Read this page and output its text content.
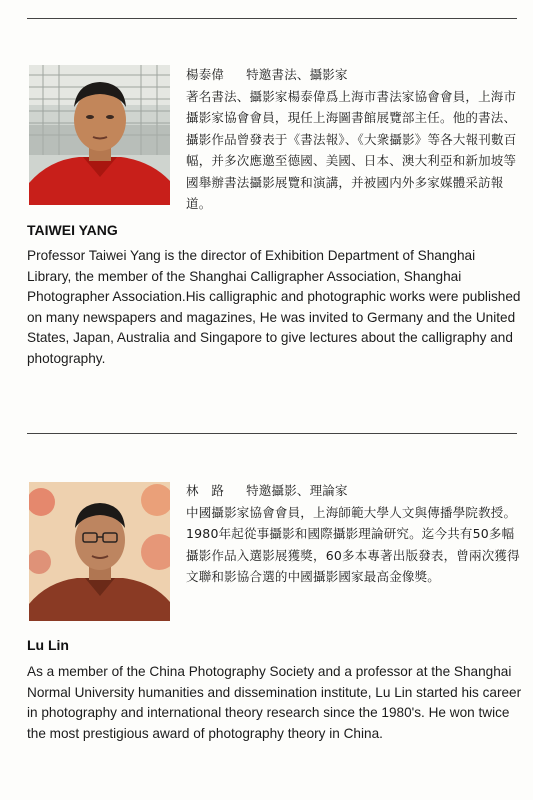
楊泰偉 特邀書法、攝影家
著名書法、攝影家楊泰偉爲上海市書法家協會會員，上海市攝影家協會會員，現任上海圖書館展覽部主任。他的書法、攝影作品曾發表于《書法報》、《大衆攝影》等各大報刊數百幅，并多次應邀至德國、美國、日本、澳大利亞和新加坡等國舉辦書法攝影展覽和演講，并被國内外多家媒體采訪報道。
TAIWEI YANG
Professor Taiwei Yang is the director of Exhibition Department of Shanghai Library, the member of the Shanghai Calligrapher Association, Shanghai Photographer Association.His calligraphic and photographic works were published on many newspapers and magazines, He was invited to Germany and the United States, Japan, Australia and Singapore to give lectures about the calligraphy and photography.
林　路 特邀攝影、理論家
中國攝影家協會會員，上海師範大學人文與傳播學院教授。1980年起從事攝影和國際攝影理論研究。迄今共有50多幅攝影作品入選影展獲獎，60多本專著出版發表，曾兩次獲得文聯和影協合選的中國攝影國家最高金像獎。
Lu Lin
As a member of the China Photography Society and a professor at the Shanghai Normal University humanities and dissemination institute, Lu Lin started his career in photography and international theory research since the 1980's. He won twice the most prestigious award of photography theory in China.
